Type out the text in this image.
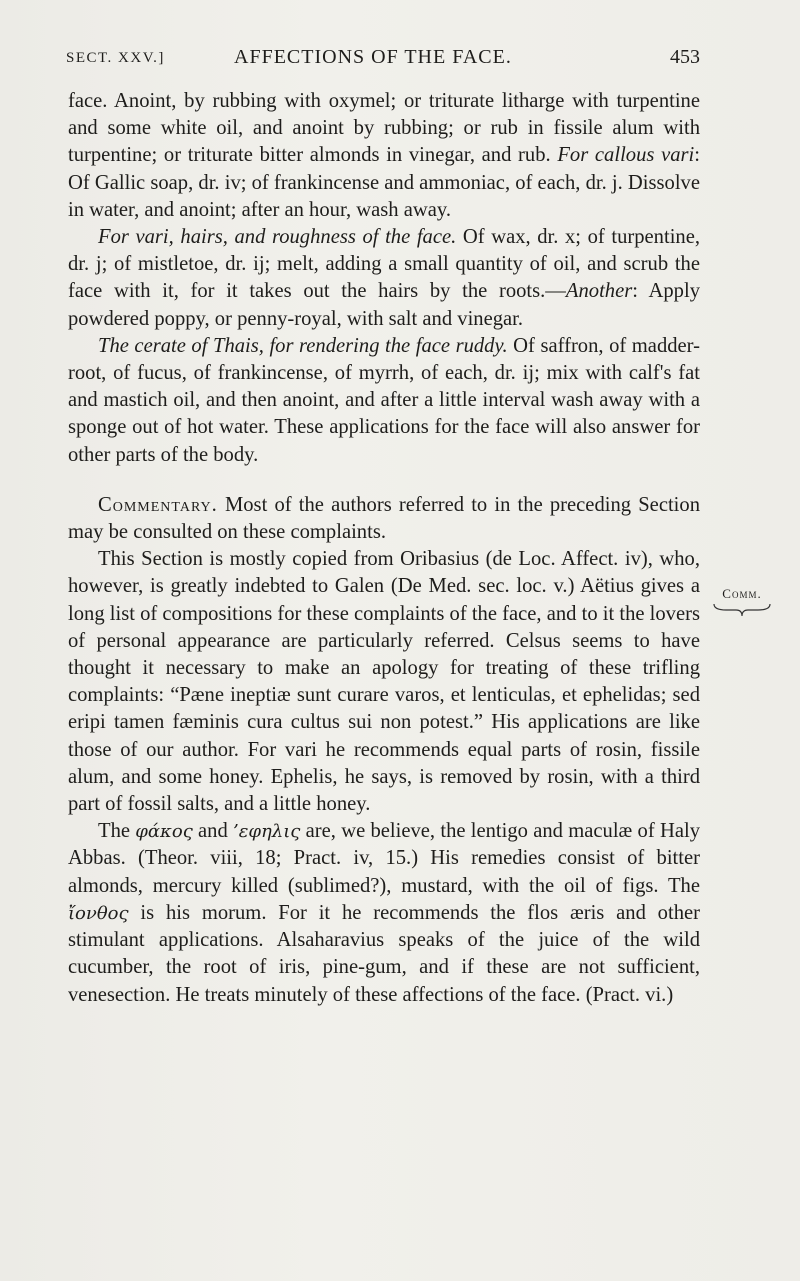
SECT. XXV.]	AFFECTIONS OF THE FACE.	453

face. Anoint, by rubbing with oxymel; or triturate litharge with turpentine and some white oil, and anoint by rubbing; or rub in fissile alum with turpentine; or triturate bitter almonds in vinegar, and rub. For callous vari: Of Gallic soap, dr. iv; of frankincense and ammoniac, of each, dr. j. Dissolve in water, and anoint; after an hour, wash away.

For vari, hairs, and roughness of the face. Of wax, dr. x; of turpentine, dr. j; of mistletoe, dr. ij; melt, adding a small quantity of oil, and scrub the face with it, for it takes out the hairs by the roots.—Another: Apply powdered poppy, or penny-royal, with salt and vinegar.

The cerate of Thais, for rendering the face ruddy. Of saffron, of madder-root, of fucus, of frankincense, of myrrh, of each, dr. ij; mix with calf's fat and mastich oil, and then anoint, and after a little interval wash away with a sponge out of hot water. These applications for the face will also answer for other parts of the body.

Commentary. Most of the authors referred to in the preceding Section may be consulted on these complaints.

This Section is mostly copied from Oribasius (de Loc. Affect. iv), who, however, is greatly indebted to Galen (De Med. sec. loc. v.) Aëtius gives a long list of compositions for these complaints of the face, and to it the lovers of personal appearance are particularly referred. Celsus seems to have thought it necessary to make an apology for treating of these trifling complaints: “Pæne ineptiæ sunt curare varos, et lenticulas, et ephelidas; sed eripi tamen fæminis cura cultus sui non potest.” His applications are like those of our author. For vari he recommends equal parts of rosin, fissile alum, and some honey. Ephelis, he says, is removed by rosin, with a third part of fossil salts, and a little honey.

The φάκος and ’εφηλις are, we believe, the lentigo and maculæ of Haly Abbas. (Theor. viii, 18; Pract. iv, 15.) His remedies consist of bitter almonds, mercury killed (sublimed?), mustard, with the oil of figs. The ἴονθος is his morum. For it he recommends the flos æris and other stimulant applications. Alsaharavius speaks of the juice of the wild cucumber, the root of iris, pine-gum, and if these are not sufficient, venesection. He treats minutely of these affections of the face. (Pract. vi.)

Comm.
